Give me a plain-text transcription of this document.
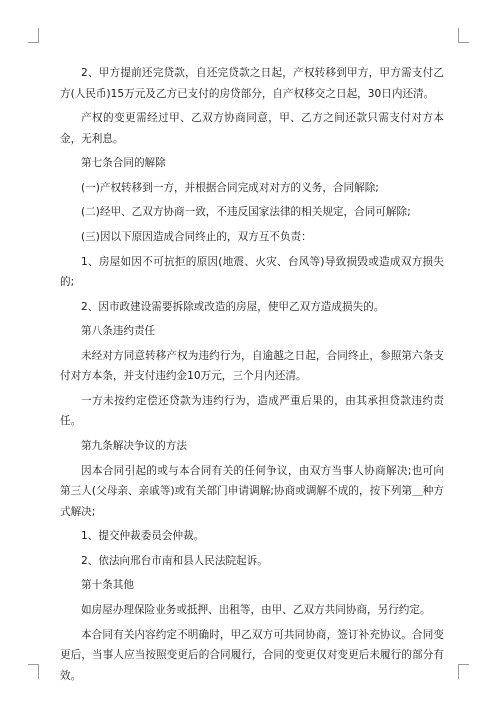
2、甲方提前还完贷款，自还完贷款之日起，产权转移到甲方，甲方需支付乙方(人民币)15万元及乙方已支付的房贷部分，自产权移交之日起，30日内还清。

产权的变更需经过甲、乙双方协商同意，甲、乙方之间还款只需支付对方本金，无利息。

第七条合同的解除

(一)产权转移到一方，并根据合同完成对对方的义务，合同解除;

(二)经甲、乙双方协商一致，不违反国家法律的相关规定，合同可解除;

(三)因以下原因造成合同终止的，双方互不负责：

1、房屋如因不可抗拒的原因(地震、火灾、台风等)导致损毁或造成双方损失的;

2、因市政建设需要拆除或改造的房屋，使甲乙双方造成损失的。

第八条违约责任

未经对方同意转移产权为违约行为，自逾越之日起，合同终止，参照第六条支付对方本条，并支付违约金10万元，三个月内还清。

一方未按约定偿还贷款为违约行为，造成严重后果的，由其承担贷款违约责任。

第九条解决争议的方法

因本合同引起的或与本合同有关的任何争议，由双方当事人协商解决;也可向第三人(父母亲、亲戚等)或有关部门申请调解;协商或调解不成的，按下列第＿种方式解决;

1、提交仲裁委员会仲裁。

2、依法向邢台市南和县人民法院起诉。

第十条其他

如房屋办理保险业务或抵押、出租等，由甲、乙双方共同协商，另行约定。

本合同有关内容约定不明确时，甲乙双方可共同协商，签订补充协议。合同变更后，当事人应当按照变更后的合同履行，合同的变更仅对变更后未履行的部分有效。
